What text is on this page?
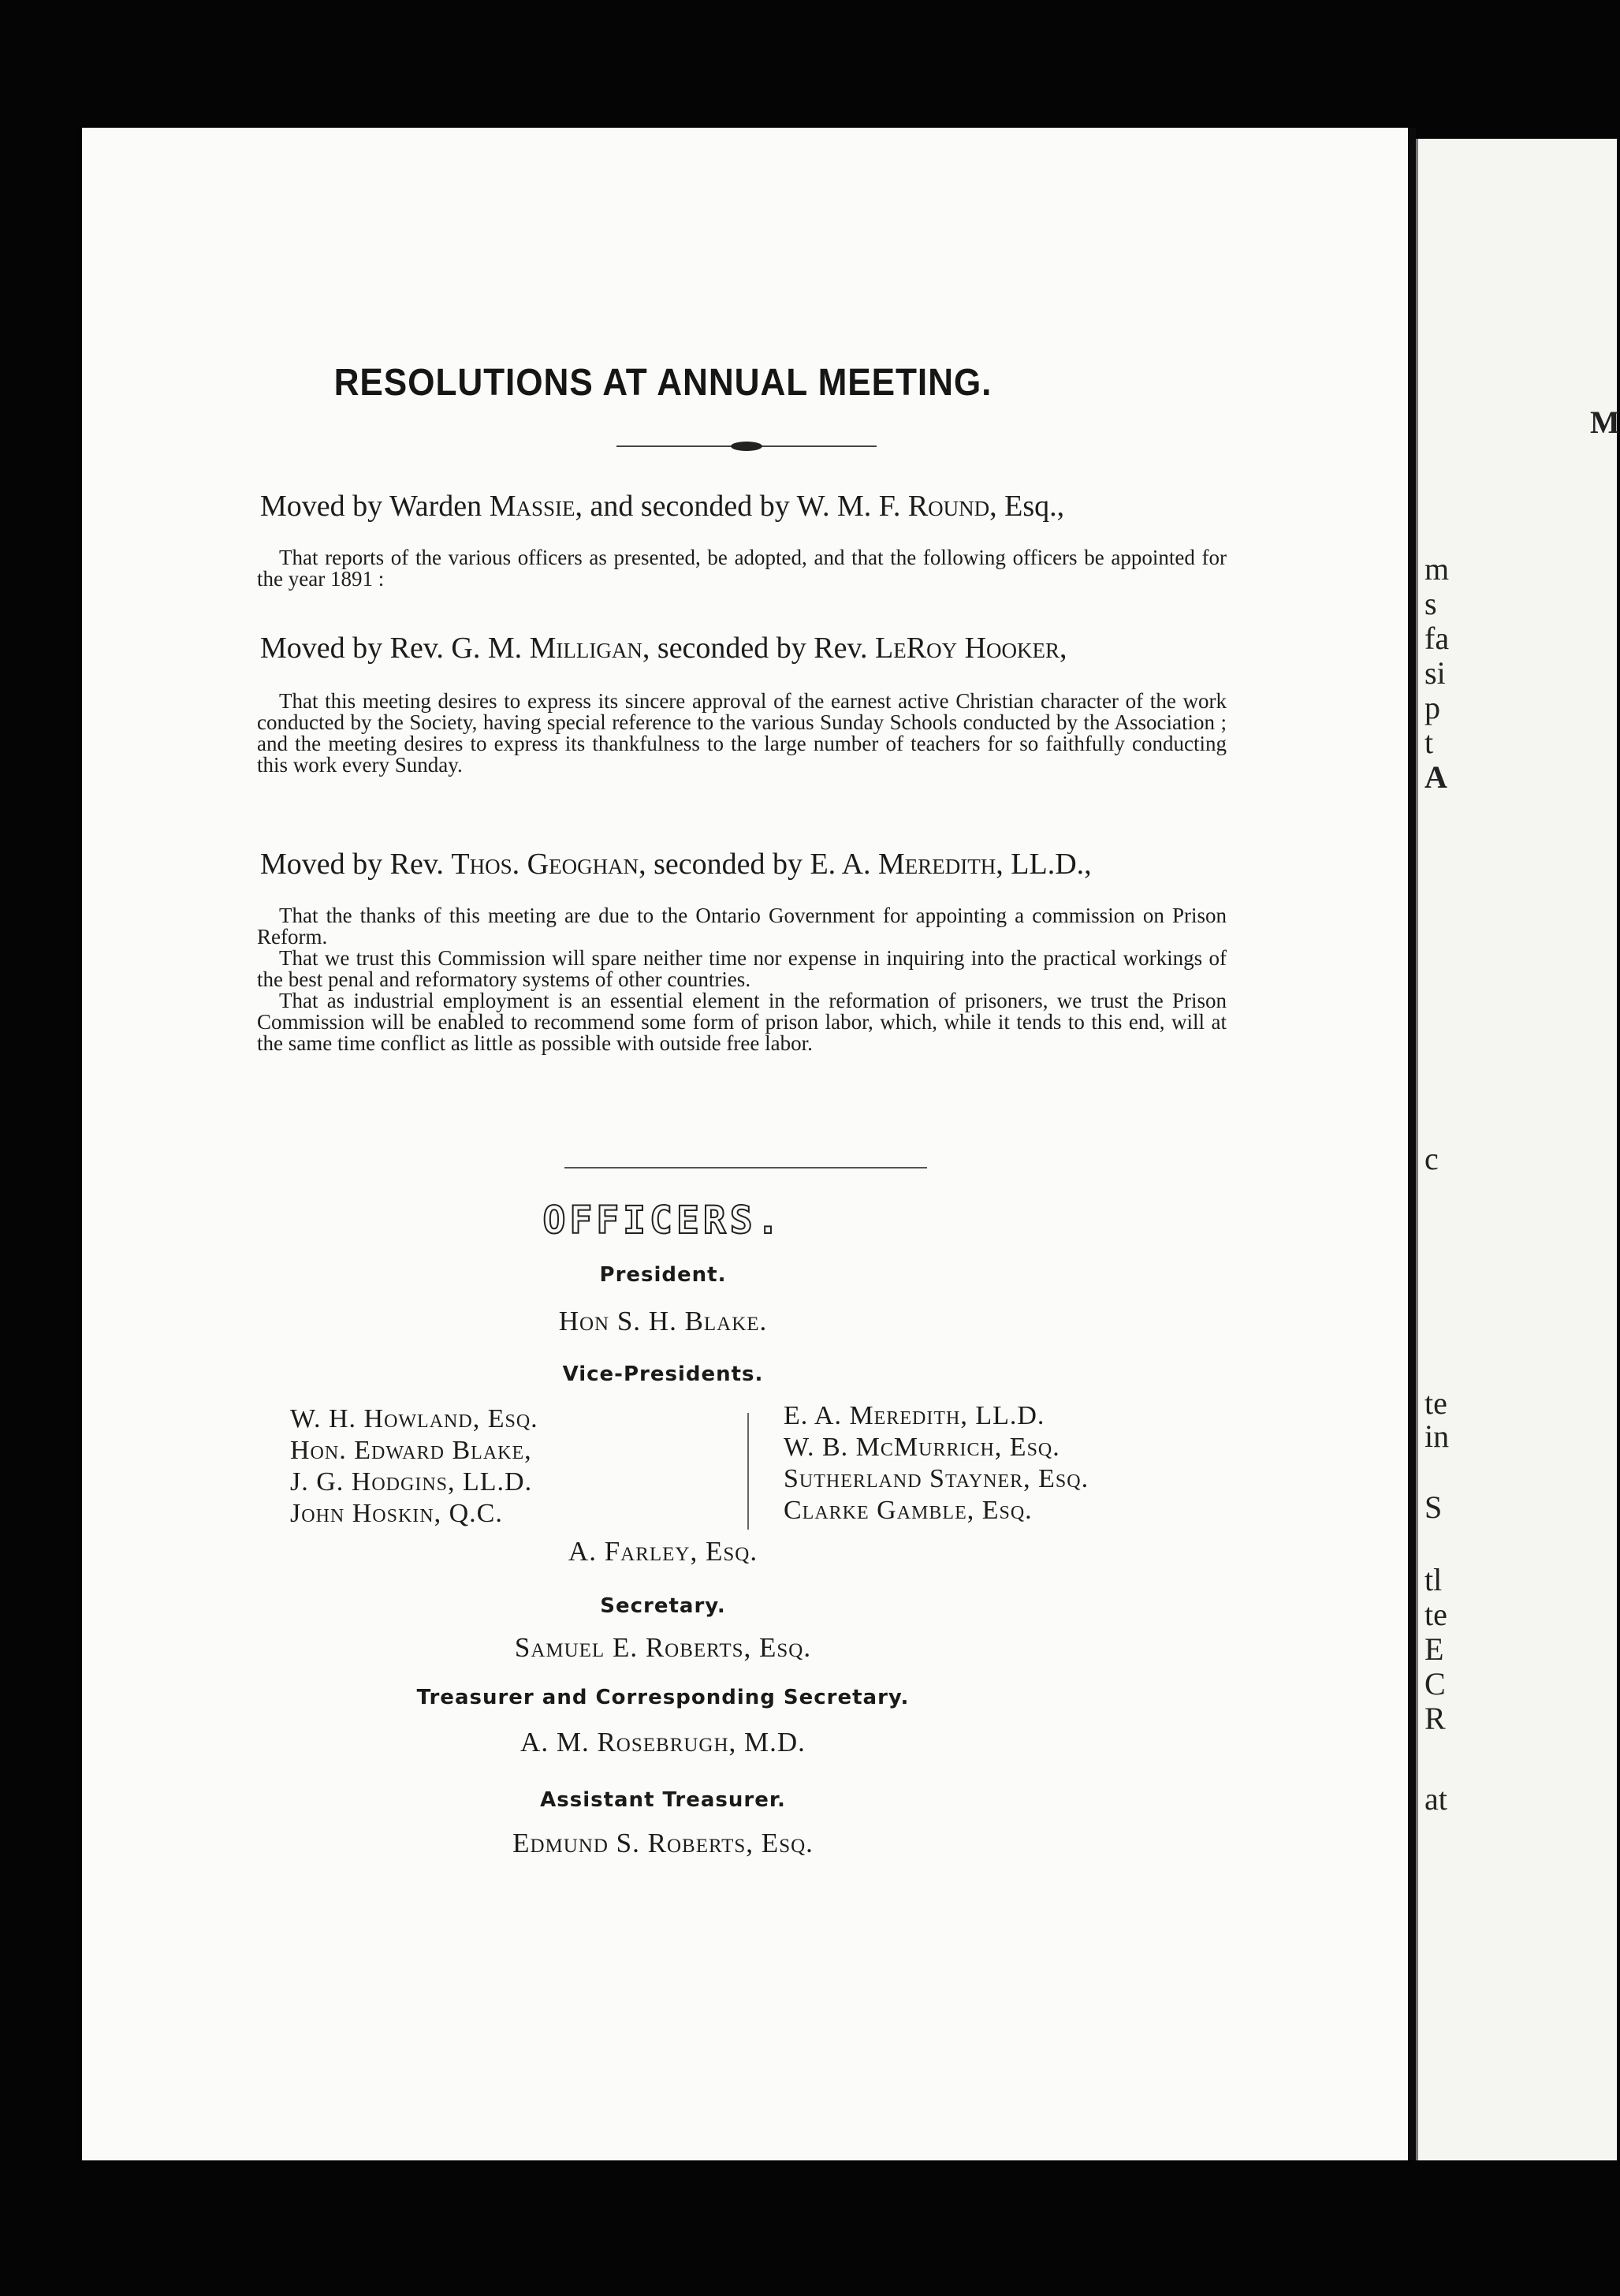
M
m
s
fa
si
p
t
A
c
te
in
S
tl
te
E
C
R
at
RESOLUTIONS AT ANNUAL MEETING.
Moved by Warden Massie, and seconded by W. M. F. Round, Esq.,

That reports of the various officers as presented, be adopted, and that the following officers be appointed for the year 1891 :

Moved by Rev. G. M. Milligan, seconded by Rev. LeRoy Hooker,

That this meeting desires to express its sincere approval of the earnest active Christian character of the work conducted by the Society, having special reference to the various Sunday Schools conducted by the Association ; and the meeting desires to express its thankfulness to the large number of teachers for so faithfully conducting this work every Sunday.

Moved by Rev. Thos. Geoghan, seconded by E. A. Meredith, LL.D.,

That the thanks of this meeting are due to the Ontario Government for appointing a commission on Prison Reform.

That we trust this Commission will spare neither time nor expense in inquiring into the practical workings of the best penal and reformatory systems of other countries.

That as industrial employment is an essential element in the reformation of prisoners, we trust the Prison Commission will be enabled to recommend some form of prison labor, which, while it tends to this end, will at the same time conflict as little as possible with outside free labor.

OFFICERS.
President.
Hon S. H. Blake.
Vice-Presidents.
W. H. Howland, Esq.
Hon. Edward Blake,
J. G. Hodgins, LL.D.
John Hoskin, Q.C.
E. A. Meredith, LL.D.
W. B. McMurrich, Esq.
Sutherland Stayner, Esq.
Clarke Gamble, Esq.
A. Farley, Esq.
Secretary.
Samuel E. Roberts, Esq.
Treasurer and Corresponding Secretary.
A. M. Rosebrugh, M.D.
Assistant Treasurer.
Edmund S. Roberts, Esq.
